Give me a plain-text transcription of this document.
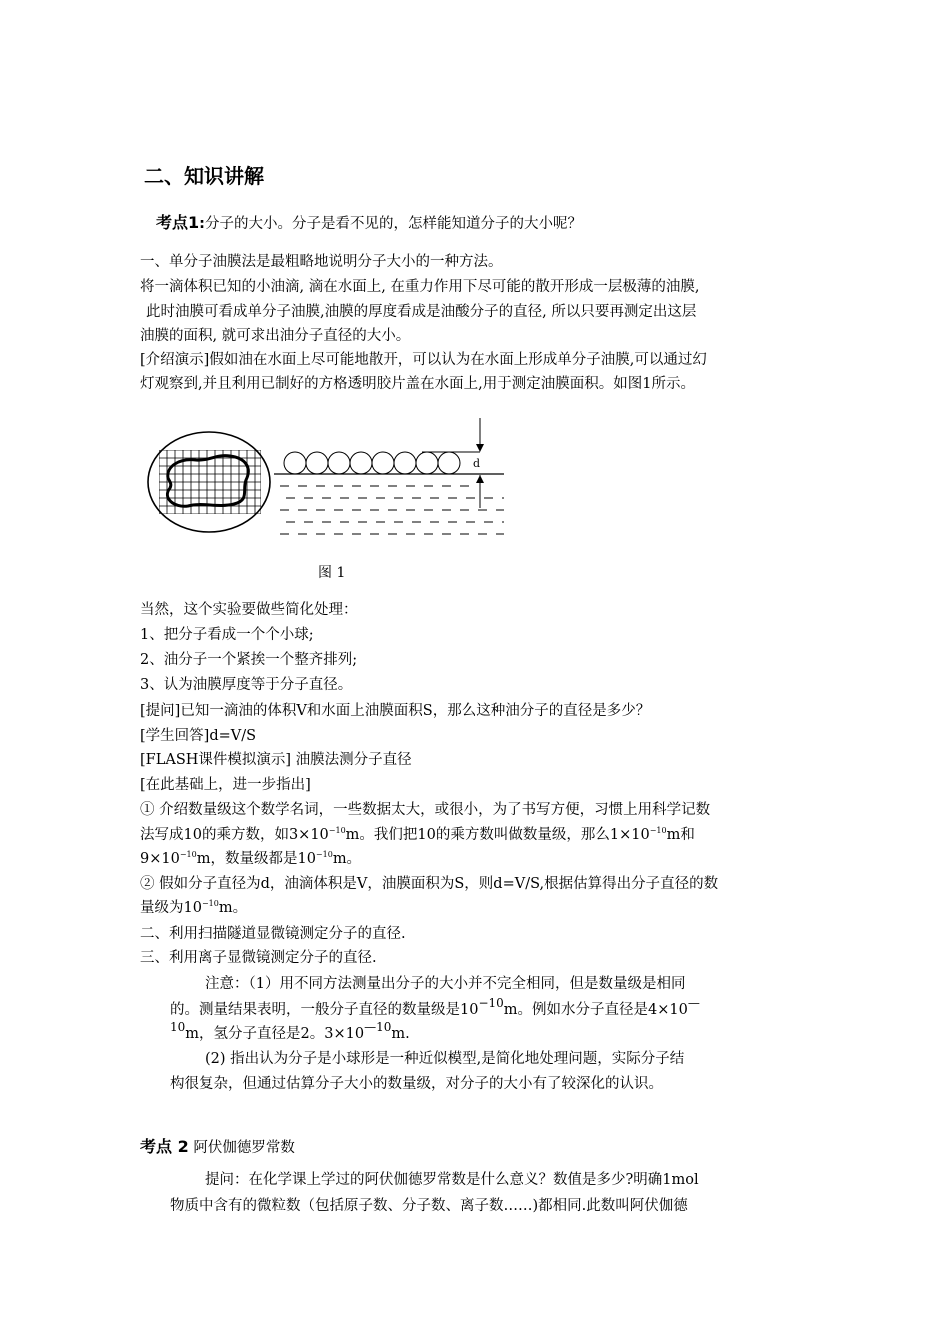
二、知识讲解
考点1:分子的大小。分子是看不见的，怎样能知道分子的大小呢？
一、单分子油膜法是最粗略地说明分子大小的一种方法。
将一滴体积已知的小油滴, 滴在水面上, 在重力作用下尽可能的散开形成一层极薄的油膜,
此时油膜可看成单分子油膜,油膜的厚度看成是油酸分子的直径, 所以只要再测定出这层
油膜的面积, 就可求出油分子直径的大小。
[介绍演示]假如油在水面上尽可能地散开，可以认为在水面上形成单分子油膜,可以通过幻
灯观察到,并且利用已制好的方格透明胶片盖在水面上,用于测定油膜面积。如图1所示。
d
图 1
当然，这个实验要做些简化处理：
1、把分子看成一个个小球;
2、油分子一个紧挨一个整齐排列;
3、认为油膜厚度等于分子直径。
[提问]已知一滴油的体积V和水面上油膜面积S，那么这种油分子的直径是多少？
[学生回答]d=V/S
[FLASH课件模拟演示] 油膜法测分子直径
[在此基础上，进一步指出]
① 介绍数量级这个数学名词，一些数据太大，或很小，为了书写方便，习惯上用科学记数
法写成10的乘方数，如$3\times 10^{-10}m$。我们把10的乘方数叫做数量级，那么$1\times 10^{-10}m$和
$9\times 10^{-10}m$，数量级都是$10^{-10}m$。
② 假如分子直径为d，油滴体积是V，油膜面积为S，则d=V/S,根据估算得出分子直径的数
量级为$10^{-10}m$。
二、利用扫描隧道显微镜测定分子的直径.
三、利用离子显微镜测定分子的直径.
注意：（1）用不同方法测量出分子的大小并不完全相同，但是数量级是相同
的。测量结果表明，一般分子直径的数量级是$10^{-10}m$。例如水分子直径是4×10—
$^{10}$m，氢分子直径是2。$3\times 10^{—10}m$.
(2) 指出认为分子是小球形是一种近似模型,是简化地处理问题，实际分子结
构很复杂，但通过估算分子大小的数量级，对分子的大小有了较深化的认识。
考点 2 阿伏伽德罗常数
提问：在化学课上学过的阿伏伽德罗常数是什么意义？数值是多少?明确1mol
物质中含有的微粒数（包括原子数、分子数、离子数……)都相同.此数叫阿伏伽德
